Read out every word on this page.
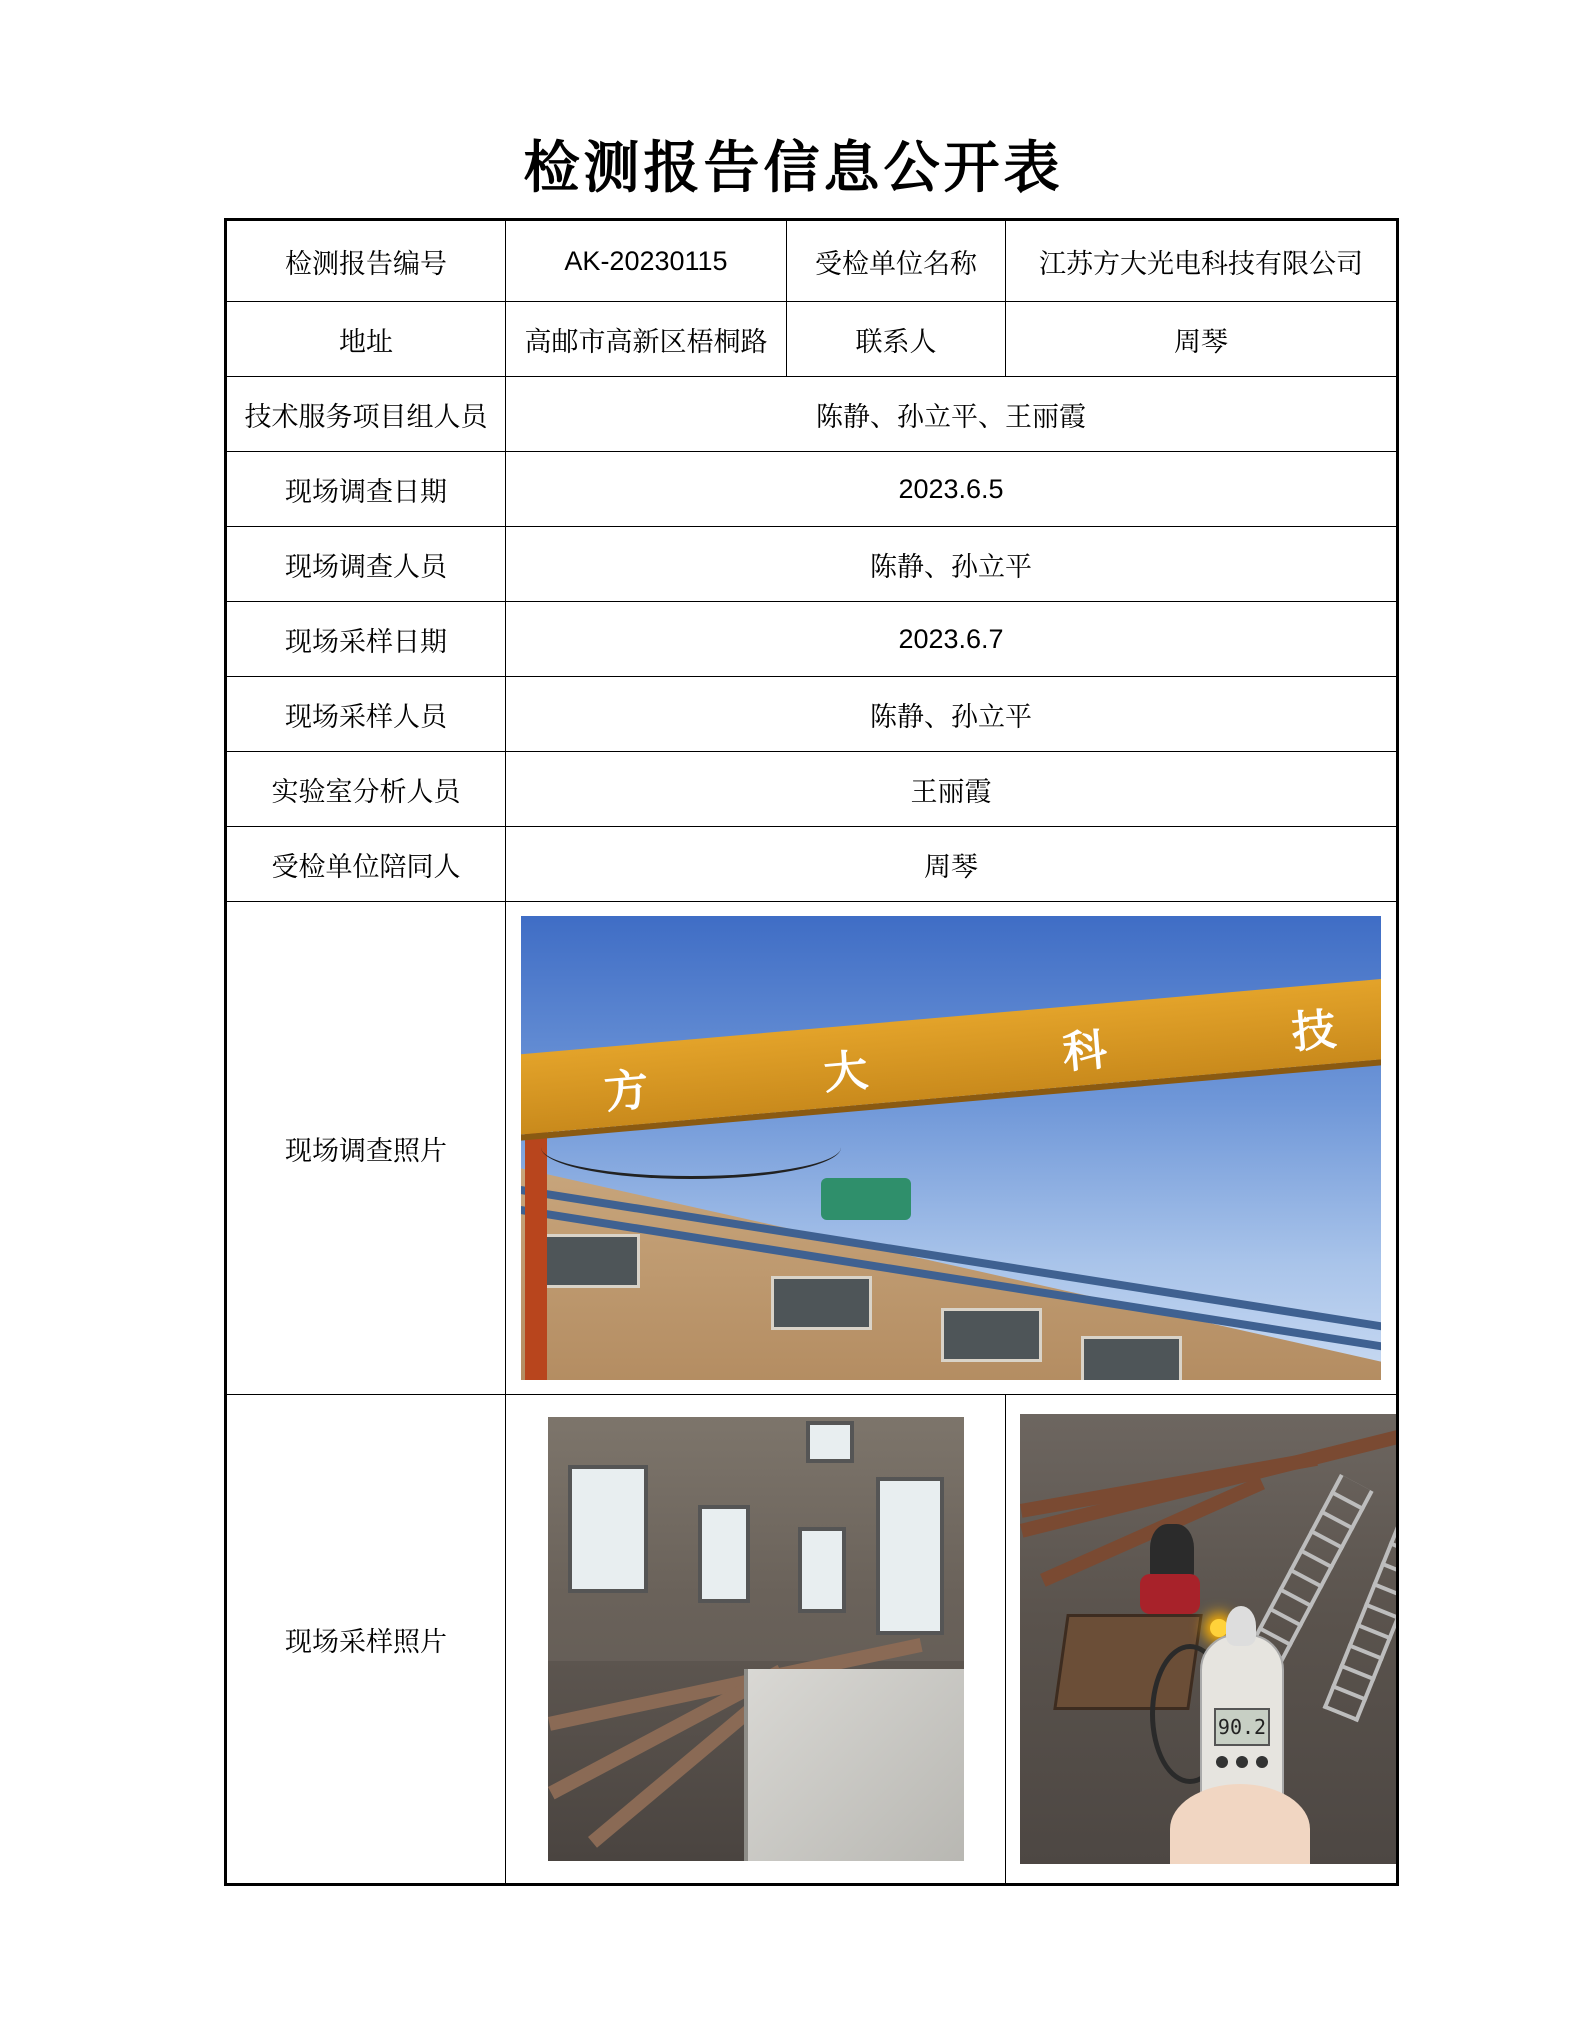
检测报告信息公开表
检测报告编号	AK-20230115	受检单位名称	江苏方大光电科技有限公司
地址	高邮市高新区梧桐路	联系人	周琴
技术服务项目组人员	陈静、孙立平、王丽霞		
现场调查日期	2023.6.5		
现场调查人员	陈静、孙立平		
现场采样日期	2023.6.7		
现场采样人员	陈静、孙立平		
实验室分析人员	王丽霞		
受检单位陪同人	周琴		
现场调查照片	方 大 科 技		

现场采样照片			90.2
